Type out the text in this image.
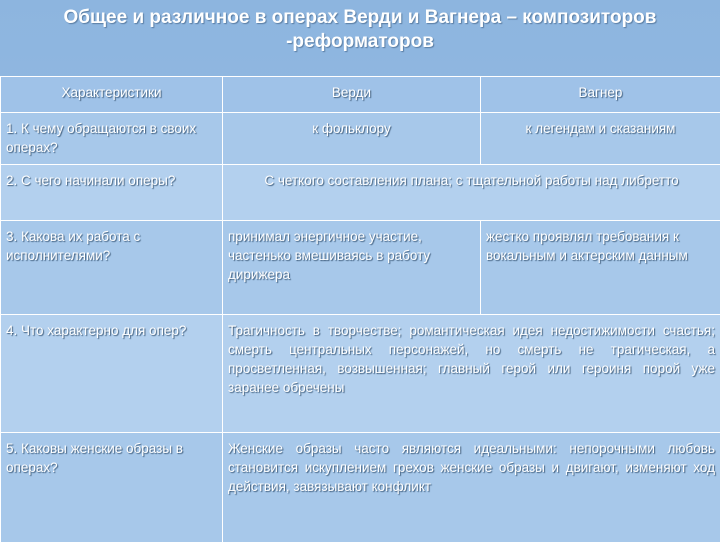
Общее и различное в оперaх Верди и Вагнера – композиторов
-реформаторов
Характеристики	Верди	Вагнер
1. К чему обращаются в своих операх?	к фольклору	к легендам и сказаниям
2. С чего начинали оперы?	С четкого составления плана; с тщательной работы над либретто	
3. Какова их работа с исполнителями?	принимал энергичное участие, частенько вмешиваясь в работу дирижера	жестко проявлял требования к вокальным и актерским данным
4. Что характерно для опер?	Трагичность в творчестве; романтическая идея недостижимости счастья; смерть центральных персонажей, но смерть не трагическая, а просветленная, возвышенная; главный герой или героиня порой уже заранее обречены	
5. Каковы женские образы в операх?	Женские образы часто являются идеальными: непорочными любовь становится искуплением грехов женские образы и двигают, изменяют ход действия, завязывают конфликт	
